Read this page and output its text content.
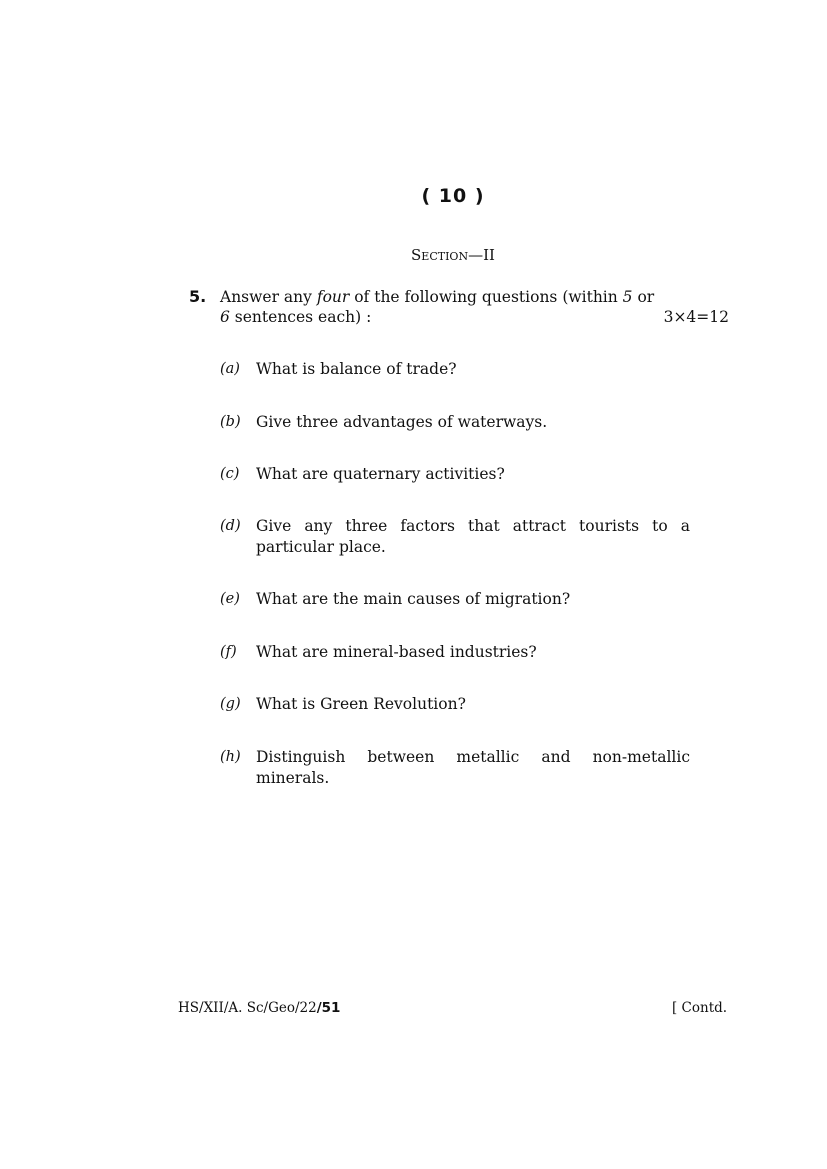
( 10 )
Section—II
5. Answer any four of the following questions (within 5 or
6 sentences each) :	3×4=12
(a) What is balance of trade?
(b) Give three advantages of waterways.
(c) What are quaternary activities?
(d) Give any three factors that attract tourists to a particular place.
(e) What are the main causes of migration?
(f) What are mineral-based industries?
(g) What is Green Revolution?
(h) Distinguish between metallic and non-metallic minerals.
HS/XII/A. Sc/Geo/22/51	[ Contd.
